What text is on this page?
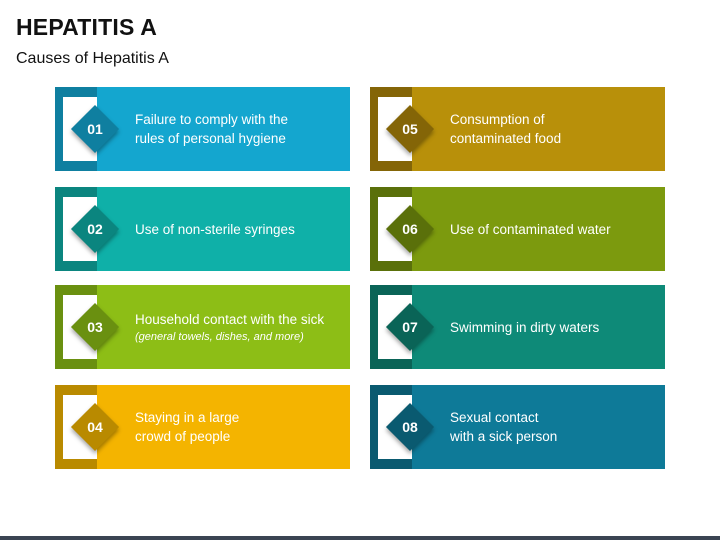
HEPATITIS A
Causes of Hepatitis A
01
Failure to comply with the
rules of personal hygiene
02	Use of non-sterile syringes
03	Household contact with the sick
(general towels, dishes, and more)
04
Staying in a large
crowd of people
05
Consumption of
contaminated food
06	Use of contaminated water
07	Swimming in dirty waters
08
Sexual contact
with a sick person
